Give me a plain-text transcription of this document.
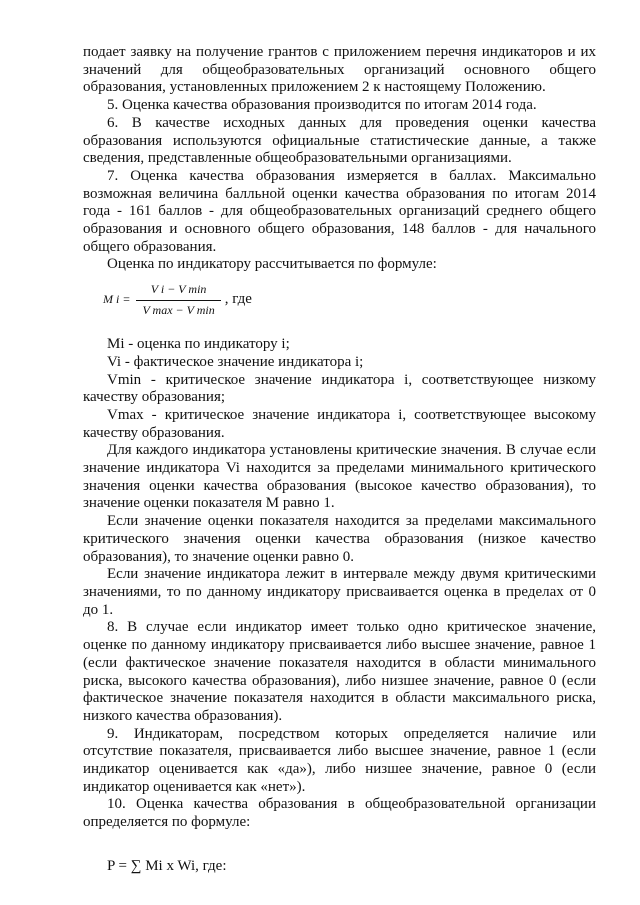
подает заявку на получение грантов с приложением перечня индикаторов и их значений для общеобразовательных организаций основного общего образования, установленных приложением 2 к настоящему Положению.

5. Оценка качества образования производится по итогам 2014 года.

6. В качестве исходных данных для проведения оценки качества образования используются официальные статистические данные, а также сведения, представленные общеобразовательными организациями.

7. Оценка качества образования измеряется в баллах. Максимально возможная величина балльной оценки качества образования по итогам 2014 года - 161 баллов - для общеобразовательных организаций среднего общего образования и основного общего образования, 148 баллов - для начального общего образования.

Оценка по индикатору рассчитывается по формуле:

M $i = \frac{\text{V i − V min}}{\text{V max − V min}}$ , где

Mi - оценка по индикатору i;

Vi - фактическое значение индикатора i;

Vmin - критическое значение индикатора i, соответствующее низкому качеству образования;

Vmax - критическое значение индикатора i, соответствующее высокому качеству образования.

Для каждого индикатора установлены критические значения. В случае если значение индикатора Vi находится за пределами минимального критического значения оценки качества образования (высокое качество образования), то значение оценки показателя М равно 1.

Если значение оценки показателя находится за пределами максимального критического значения оценки качества образования (низкое качество образования), то значение оценки равно 0.

Если значение индикатора лежит в интервале между двумя критическими значениями, то по данному индикатору присваивается оценка в пределах от 0 до 1.

8. В случае если индикатор имеет только одно критическое значение, оценке по данному индикатору присваивается либо высшее значение, равное 1 (если фактическое значение показателя находится в области минимального риска, высокого качества образования), либо низшее значение, равное 0 (если фактическое значение показателя находится в области максимального риска, низкого качества образования).

9. Индикаторам, посредством которых определяется наличие или отсутствие показателя, присваивается либо высшее значение, равное 1 (если индикатор оценивается как «да»), либо низшее значение, равное 0 (если индикатор оценивается как «нет»).

10. Оценка качества образования в общеобразовательной организации определяется по формуле:

P = ∑ Mi x Wi, где:
